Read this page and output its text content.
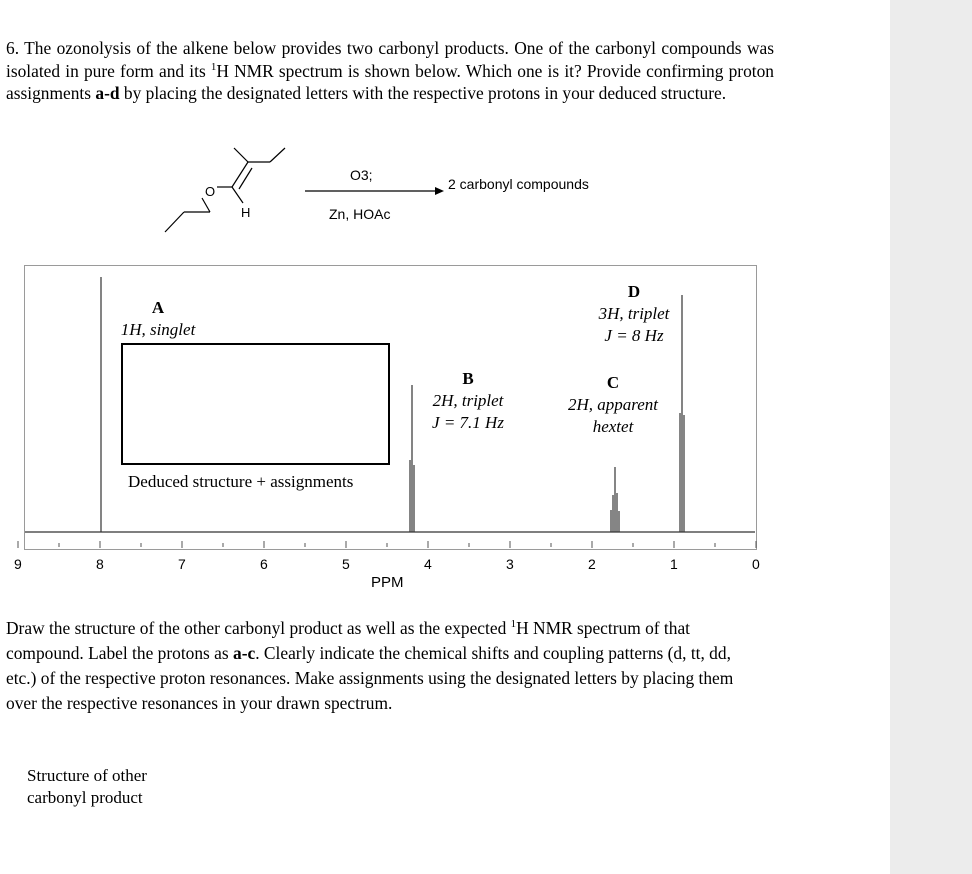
6. The ozonolysis of the alkene below provides two carbonyl products. One of the carbonyl compounds was isolated in pure form and its $^1$H NMR spectrum is shown below. Which one is it? Provide confirming proton assignments a-d by placing the designated letters with the respective protons in your deduced structure.

O
H
O3;
Zn, HOAc
2 carbonyl compounds
A
1H, singlet
B
2H, triplet
J = 7.1 Hz
C
2H, apparent
hextet
D
3H, triplet
J = 8 Hz
Deduced structure + assignments
9	8	7	6	5	4	3	2	1	0
PPM

Draw the structure of the other carbonyl product as well as the expected $^1$H NMR spectrum of that compound. Label the protons as a-c. Clearly indicate the chemical shifts and coupling patterns (d, tt, dd, etc.) of the respective proton resonances. Make assignments using the designated letters by placing them over the respective resonances in your drawn spectrum.

Structure of other
carbonyl product
